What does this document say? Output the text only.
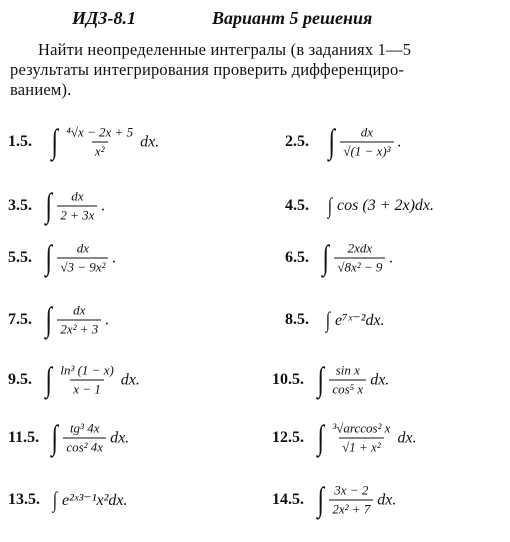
ИДЗ-8.1	Вариант 5 решения
Найти неопределенные интегралы (в заданиях 1—5
результаты интегрирования проверить дифференциро-
ванием).
1.5. ∫ $\frac{\text{⁴√x − 2x + 5}}{\text{x²}}$ dx.	2.5. ∫ $\frac{dx}{\text{√(1 − x)³}}$ .
3.5. ∫ $\frac{dx}{2 + 3x}$ .	4.5. ∫ cos (3 + 2x)dx.
5.5. ∫ $\frac{dx}{\text{√3 − 9x²}}$ .	6.5. ∫ $\frac{\text{2xdx}}{\text{√8x² − 9}}$ .
7.5. ∫ $\frac{dx}{\text{2x² + 3}}$ .	8.5. ∫ e⁷ˣ⁻²dx.
9.5. ∫ $\frac{\text{ln³ (1 − x)}}{x - 1}$ dx.	10.5. ∫ $\frac{\text{sin x}}{\text{cos⁵ x}}$ dx.
11.5. ∫ $\frac{\text{tg³ 4x}}{\text{cos² 4x}}$ dx.	12.5. ∫ $\frac{\text{³√arccos² x}}{\text{√1 + x²}}$ dx.
13.5. ∫ e²ˣ³⁻¹x²dx.	14.5. ∫ $\frac{3x - 2}{\text{2x² + 7}}$ dx.
